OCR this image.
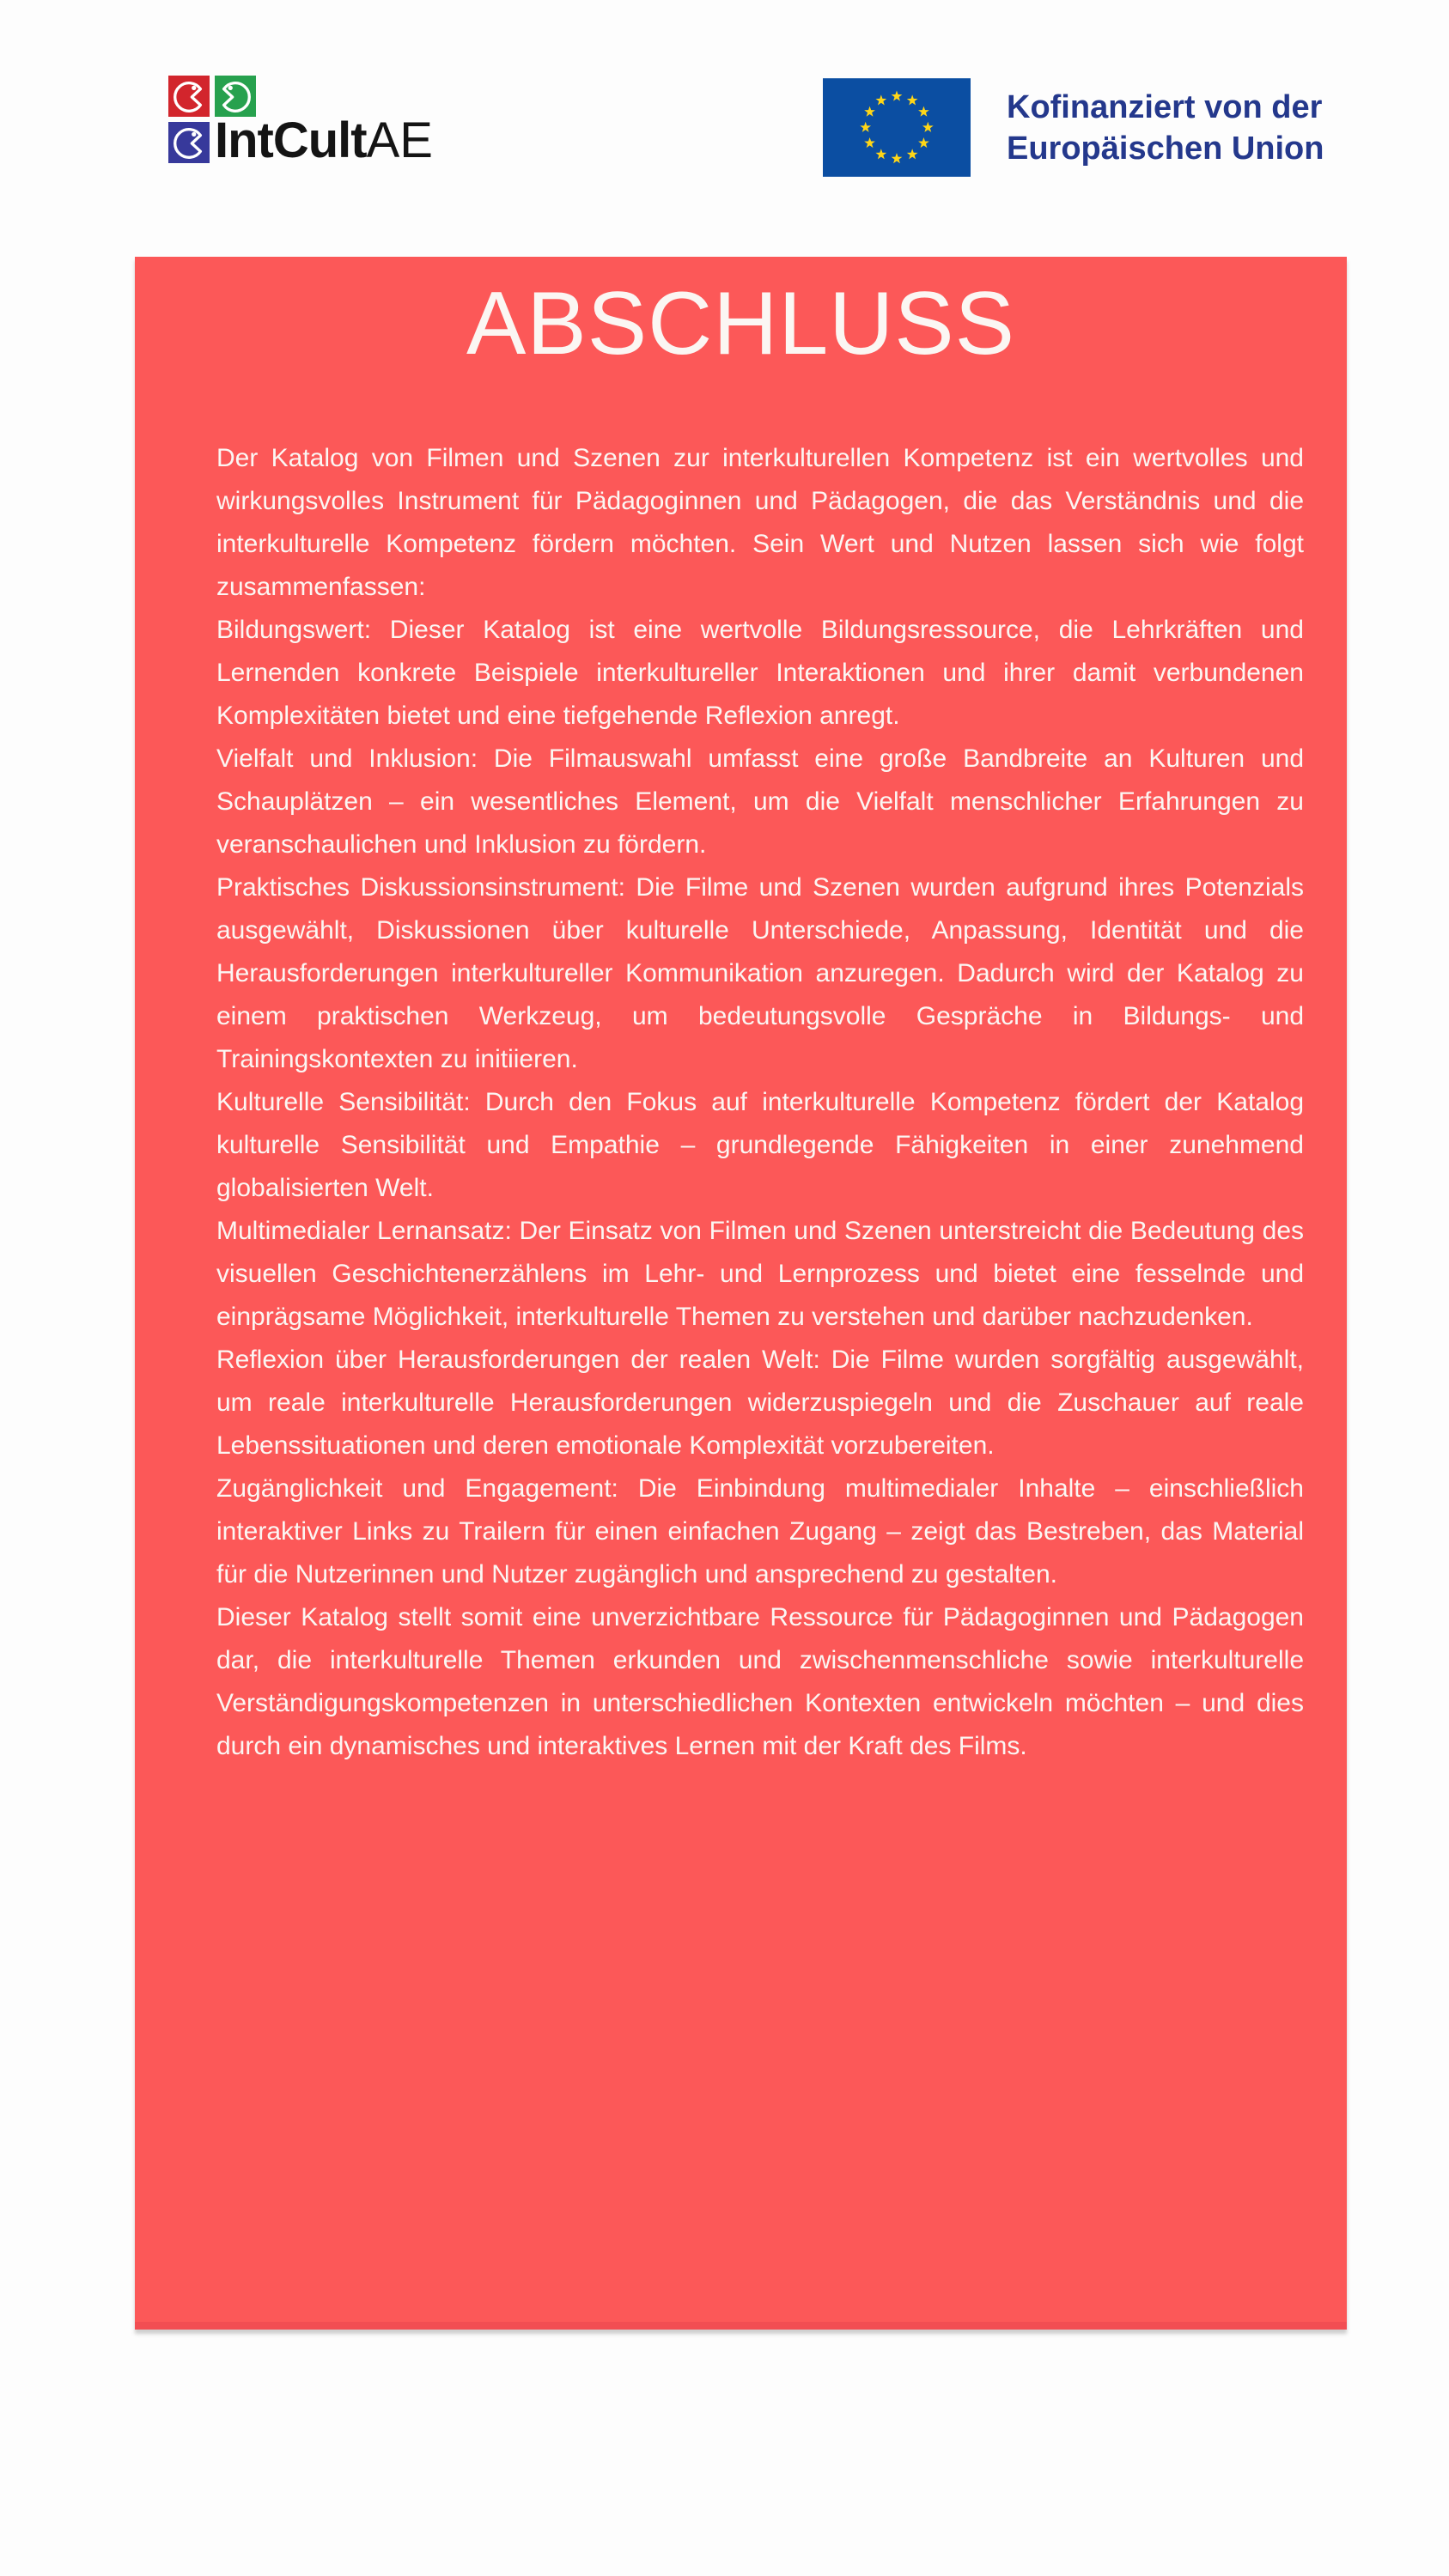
IntCultAE
Kofinanziert von der
Europäischen Union
ABSCHLUSS

Der Katalog von Filmen und Szenen zur interkulturellen Kompetenz ist ein wertvolles und wirkungsvolles Instrument für Pädagoginnen und Pädagogen, die das Verständnis und die interkulturelle Kompetenz fördern möchten. Sein Wert und Nutzen lassen sich wie folgt zusammenfassen:

Bildungswert: Dieser Katalog ist eine wertvolle Bildungsressource, die Lehrkräften und Lernenden konkrete Beispiele interkultureller Interaktionen und ihrer damit verbundenen Komplexitäten bietet und eine tiefgehende Reflexion anregt.

Vielfalt und Inklusion: Die Filmauswahl umfasst eine große Bandbreite an Kulturen und Schauplätzen – ein wesentliches Element, um die Vielfalt menschlicher Erfahrungen zu veranschaulichen und Inklusion zu fördern.

Praktisches Diskussionsinstrument: Die Filme und Szenen wurden aufgrund ihres Potenzials ausgewählt, Diskussionen über kulturelle Unterschiede, Anpassung, Identität und die Herausforderungen interkultureller Kommunikation anzuregen. Dadurch wird der Katalog zu einem praktischen Werkzeug, um bedeutungsvolle Gespräche in Bildungs- und Trainingskontexten zu initiieren.

Kulturelle Sensibilität: Durch den Fokus auf interkulturelle Kompetenz fördert der Katalog kulturelle Sensibilität und Empathie – grundlegende Fähigkeiten in einer zunehmend globalisierten Welt.

Multimedialer Lernansatz: Der Einsatz von Filmen und Szenen unterstreicht die Bedeutung des visuellen Geschichtenerzählens im Lehr- und Lernprozess und bietet eine fesselnde und einprägsame Möglichkeit, interkulturelle Themen zu verstehen und darüber nachzudenken.

Reflexion über Herausforderungen der realen Welt: Die Filme wurden sorgfältig ausgewählt, um reale interkulturelle Herausforderungen widerzuspiegeln und die Zuschauer auf reale Lebenssituationen und deren emotionale Komplexität vorzubereiten.

Zugänglichkeit und Engagement: Die Einbindung multimedialer Inhalte – einschließlich interaktiver Links zu Trailern für einen einfachen Zugang – zeigt das Bestreben, das Material für die Nutzerinnen und Nutzer zugänglich und ansprechend zu gestalten.

Dieser Katalog stellt somit eine unverzichtbare Ressource für Pädagoginnen und Pädagogen dar, die interkulturelle Themen erkunden und zwischenmenschliche sowie interkulturelle Verständigungskompetenzen in unterschiedlichen Kontexten entwickeln möchten – und dies durch ein dynamisches und interaktives Lernen mit der Kraft des Films.
